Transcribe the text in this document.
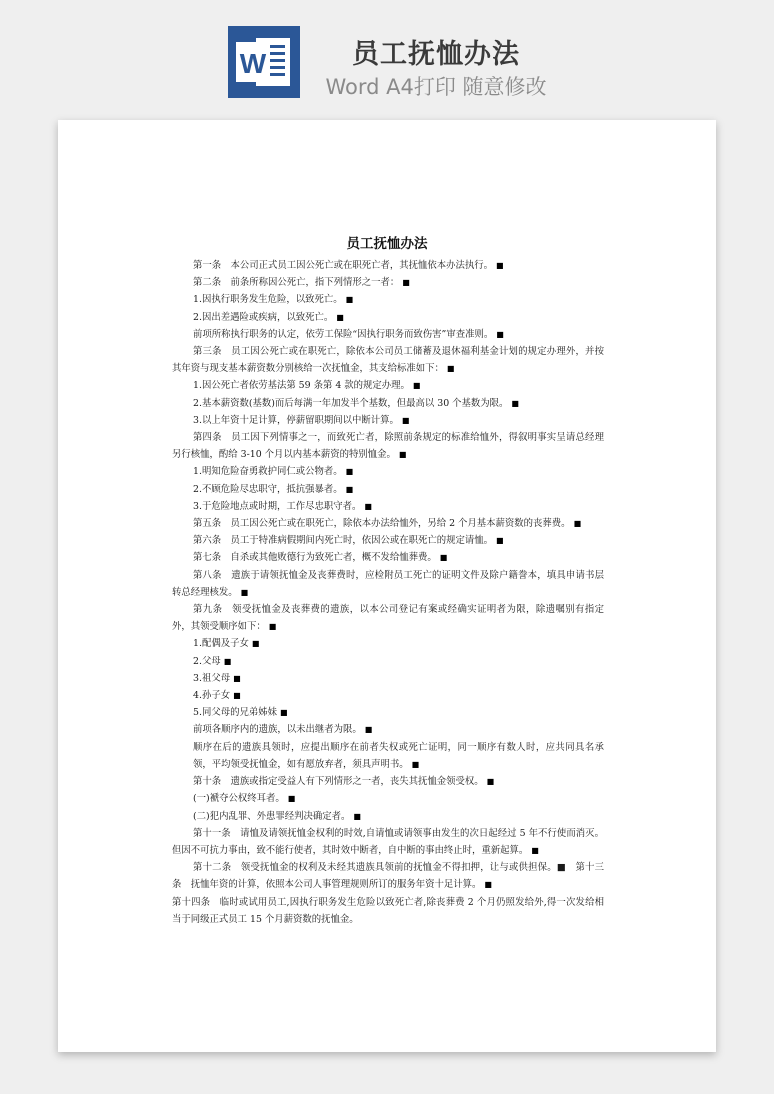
W	员工抚恤办法
Word A4打印 随意修改
员工抚恤办法

第一条　本公司正式员工因公死亡或在职死亡者，其抚恤依本办法执行。 ■

第二条　前条所称因公死亡，指下列情形之一者： ■

1.因执行职务发生危险，以致死亡。 ■

2.因出差遇险或疾病，以致死亡。 ■

前项所称执行职务的认定，依劳工保险“因执行职务而致伤害”审查准则。 ■

第三条　员工因公死亡或在职死亡，除依本公司员工储蓄及退休福利基金计划的规定办理外，并按其年资与现支基本薪资数分别核给一次抚恤金，其支给标准如下： ■

1.因公死亡者依劳基法第 59 条第 4 款的规定办理。 ■

2.基本薪资数(基数)而后每满一年加发半个基数，但最高以 30 个基数为限。 ■

3.以上年资十足计算，停薪留职期间以中断计算。 ■

第四条　员工因下列情事之一，而致死亡者，除照前条规定的标准给恤外，得叙明事实呈请总经理另行核恤，酌给 3-10 个月以内基本薪资的特别恤金。 ■

1.明知危险奋勇救护同仁或公物者。 ■

2.不顾危险尽忠职守，抵抗强暴者。 ■

3.于危险地点或时期，工作尽忠职守者。 ■

第五条　员工因公死亡或在职死亡，除依本办法给恤外，另给 2 个月基本薪资数的丧葬费。 ■

第六条　员工于特准病假期间内死亡时，依因公或在职死亡的规定请恤。 ■

第七条　自杀或其他败德行为致死亡者，概不发给恤葬费。 ■

第八条　遗族于请领抚恤金及丧葬费时，应检附员工死亡的证明文件及除户籍誊本，填具申请书层转总经理核发。 ■

第九条　领受抚恤金及丧葬费的遗族，以本公司登记有案或经确实证明者为限，除遗嘱别有指定外，其领受顺序如下： ■

1.配偶及子女 ■

2.父母 ■

3.祖父母 ■

4.孙子女 ■

5.同父母的兄弟姊妹 ■

前项各顺序内的遗族，以未出继者为限。 ■

顺序在后的遗族具领时，应提出顺序在前者失权或死亡证明，同一顺序有数人时，应共同具名承领，平均领受抚恤金，如有愿放弃者，须具声明书。 ■

第十条　遗族或指定受益人有下列情形之一者，丧失其抚恤金领受权。 ■

(一)褫夺公权终耳者。 ■

(二)犯内乱罪、外患罪经判决确定者。 ■

第十一条　请恤及请领抚恤金权利的时效,自请恤或请领事由发生的次日起经过 5 年不行使而消灭。但因不可抗力事由，致不能行使者，其时效中断者，自中断的事由终止时，重新起算。 ■

第十二条　领受抚恤金的权利及未经其遗族具领前的抚恤金不得扣押，让与或供担保。■　第十三条　抚恤年资的计算，依照本公司人事管理规则所订的服务年资十足计算。 ■

第十四条　临时或试用员工,因执行职务发生危险以致死亡者,除丧葬费 2 个月仍照发给外,得一次发给相当于同级正式员工 15 个月薪资数的抚恤金。
